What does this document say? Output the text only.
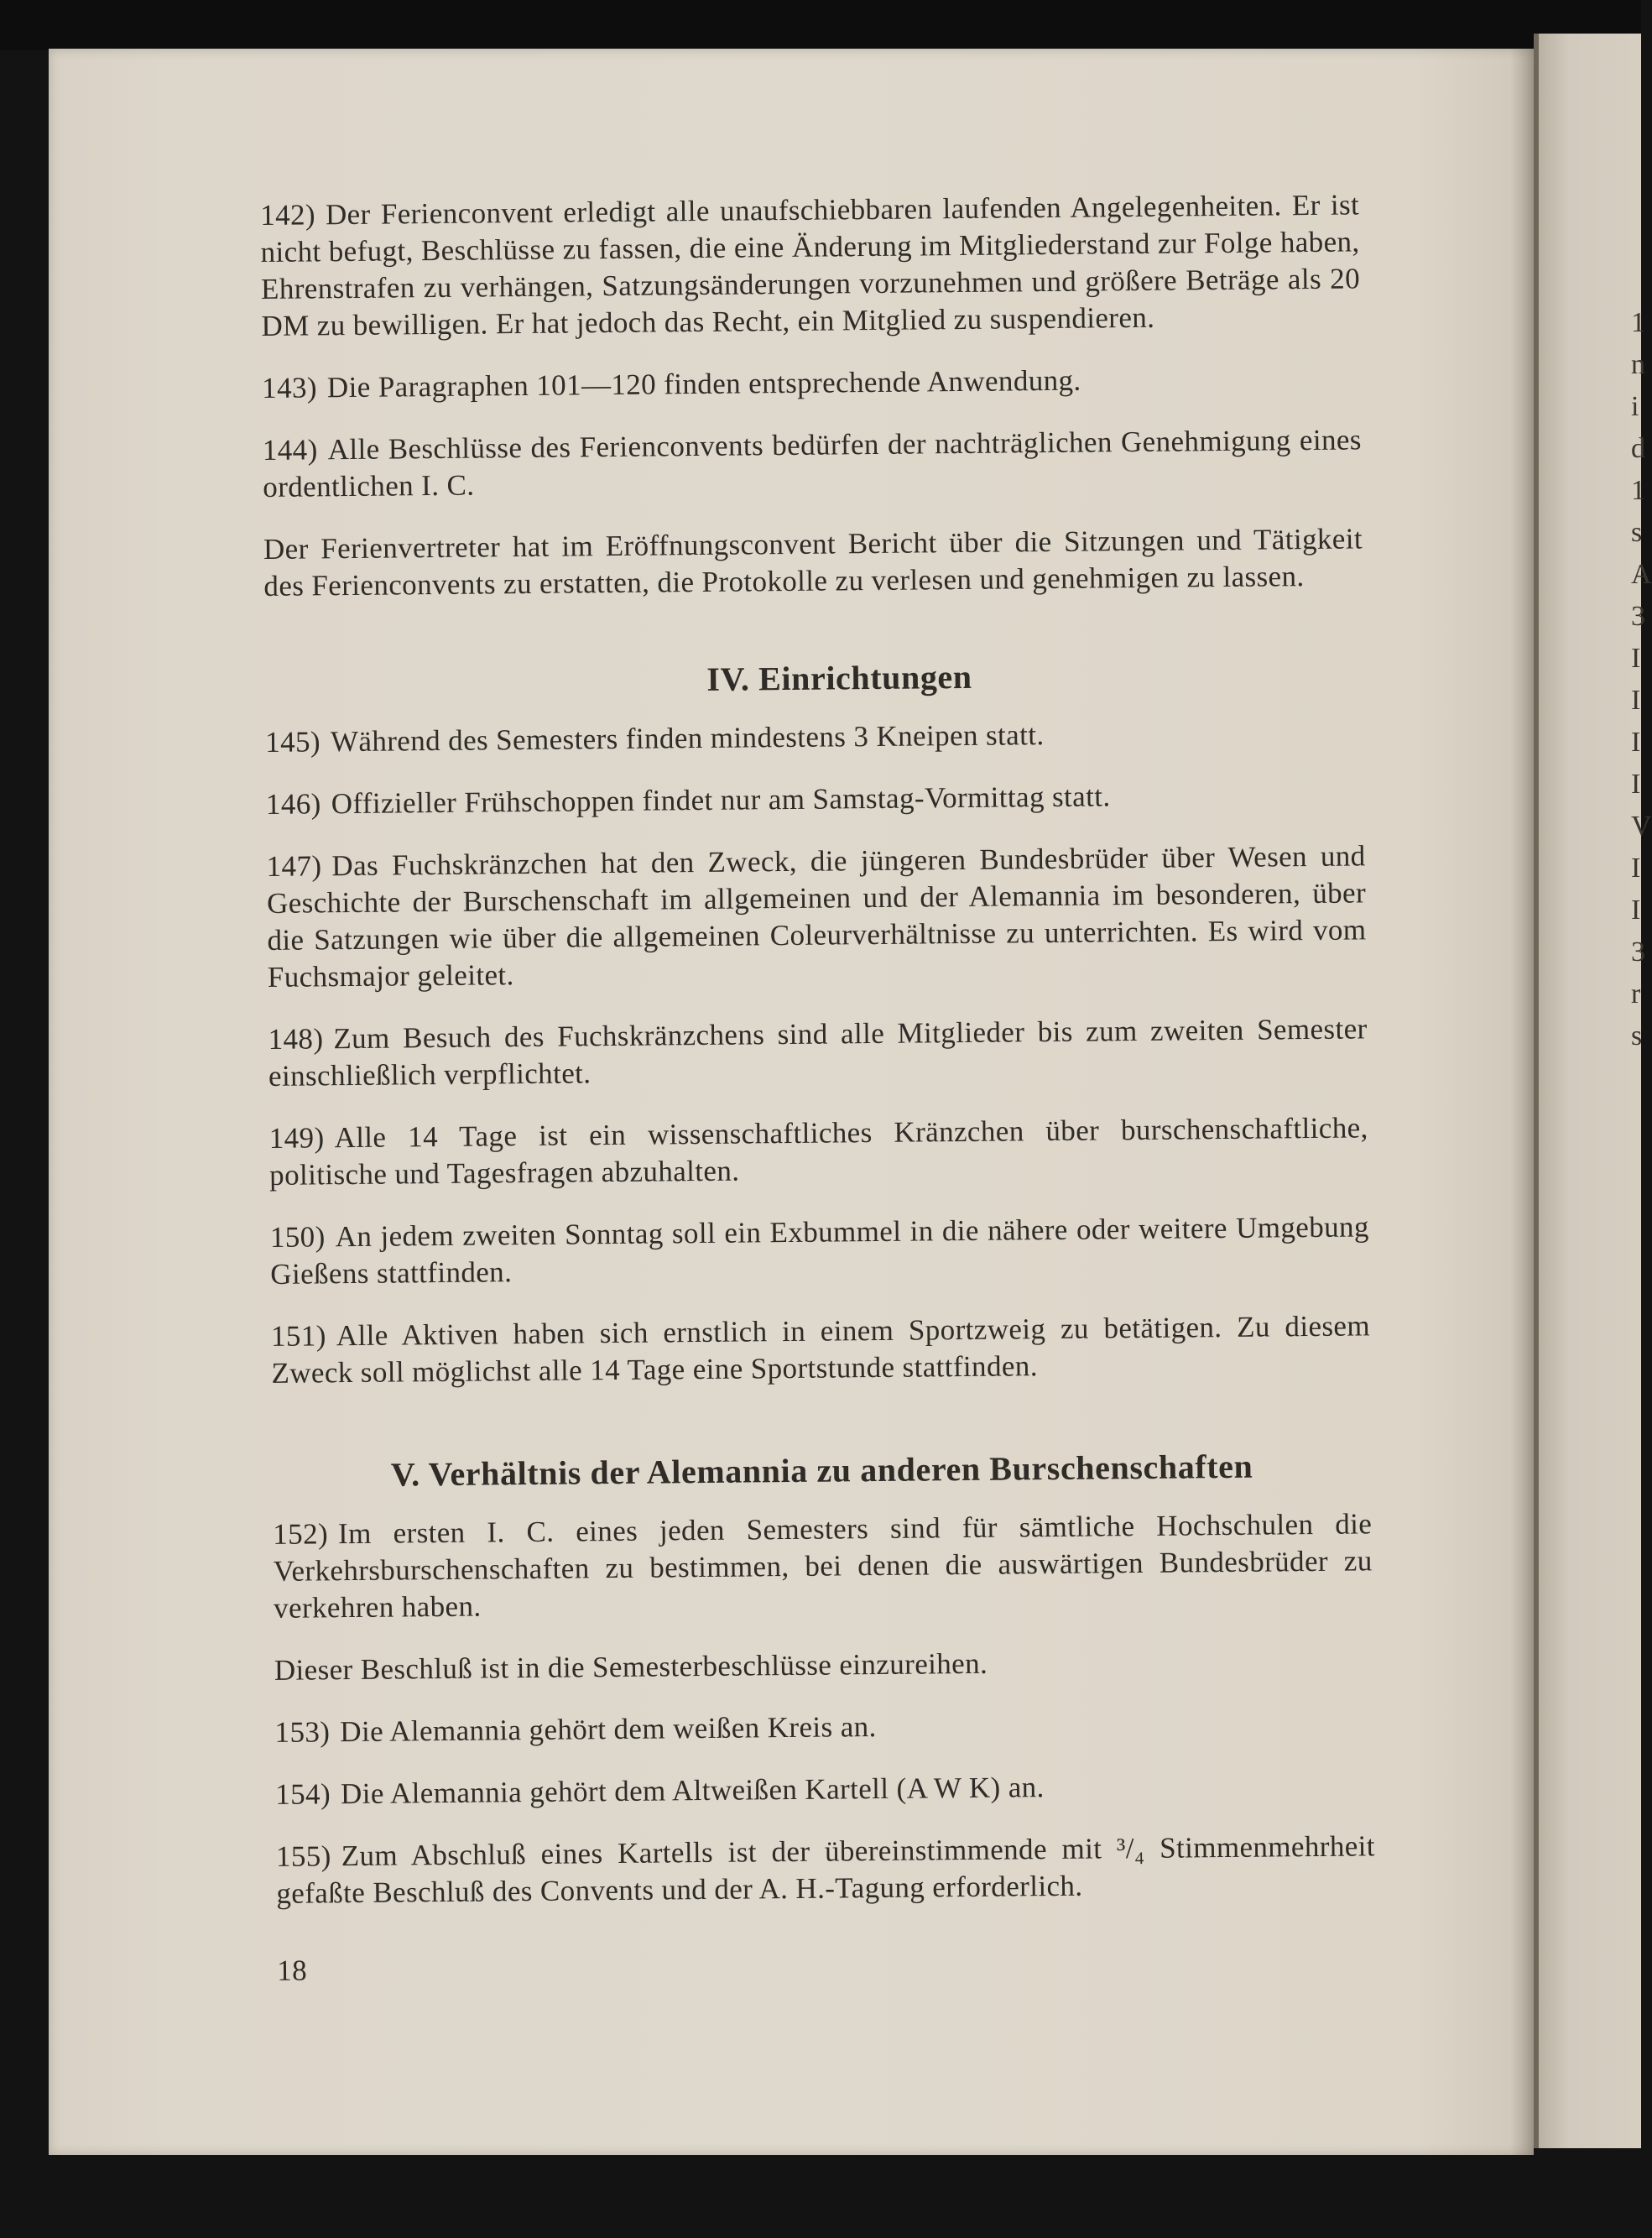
1
n
i
d
1
s
A
3
I
I
I
I
V
I
I
3
r
s
142) Der Ferienconvent erledigt alle unaufschiebbaren laufenden Angelegenheiten. Er ist nicht befugt, Beschlüsse zu fassen, die eine Änderung im Mitgliederstand zur Folge haben, Ehrenstrafen zu verhängen, Satzungsänderungen vorzunehmen und größere Beträge als 20 DM zu bewilligen. Er hat jedoch das Recht, ein Mitglied zu suspendieren.
143) Die Paragraphen 101—120 finden entsprechende Anwendung.
144) Alle Beschlüsse des Ferienconvents bedürfen der nachträglichen Genehmigung eines ordentlichen I. C.
Der Ferienvertreter hat im Eröffnungsconvent Bericht über die Sitzungen und Tätigkeit des Ferienconvents zu erstatten, die Protokolle zu verlesen und genehmigen zu lassen.
IV. Einrichtungen
145) Während des Semesters finden mindestens 3 Kneipen statt.
146) Offizieller Frühschoppen findet nur am Samstag-Vormittag statt.
147) Das Fuchskränzchen hat den Zweck, die jüngeren Bundesbrüder über Wesen und Geschichte der Burschenschaft im allgemeinen und der Alemannia im besonderen, über die Satzungen wie über die allgemeinen Coleurverhältnisse zu unterrichten. Es wird vom Fuchsmajor geleitet.
148) Zum Besuch des Fuchskränzchens sind alle Mitglieder bis zum zweiten Semester einschließlich verpflichtet.
149) Alle 14 Tage ist ein wissenschaftliches Kränzchen über burschenschaftliche, politische und Tagesfragen abzuhalten.
150) An jedem zweiten Sonntag soll ein Exbummel in die nähere oder weitere Umgebung Gießens stattfinden.
151) Alle Aktiven haben sich ernstlich in einem Sportzweig zu betätigen. Zu diesem Zweck soll möglichst alle 14 Tage eine Sportstunde stattfinden.
V. Verhältnis der Alemannia zu anderen Burschenschaften
152) Im ersten I. C. eines jeden Semesters sind für sämtliche Hochschulen die Verkehrsburschenschaften zu bestimmen, bei denen die auswärtigen Bundesbrüder zu verkehren haben.
Dieser Beschluß ist in die Semesterbeschlüsse einzureihen.
153) Die Alemannia gehört dem weißen Kreis an.
154) Die Alemannia gehört dem Altweißen Kartell (A W K) an.
155) Zum Abschluß eines Kartells ist der übereinstimmende mit ³/₄ Stimmenmehrheit gefaßte Beschluß des Convents und der A. H.-Tagung erforderlich.
18
